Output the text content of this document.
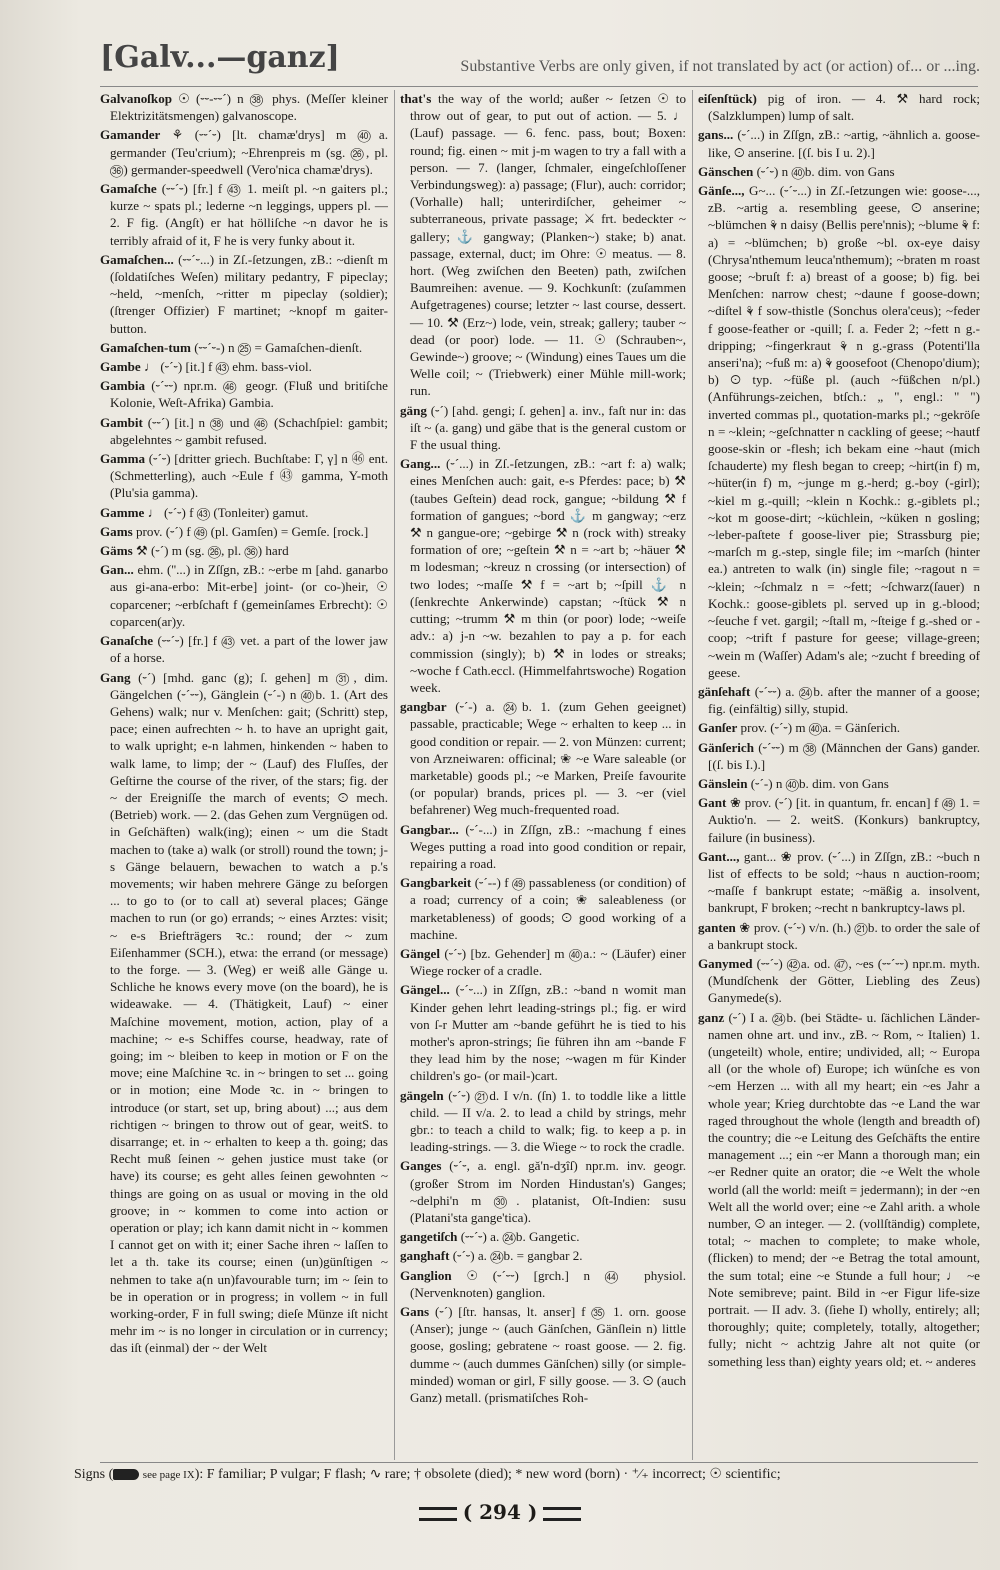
[Galv...—ganz]	Substantive Verbs are only given, if not translated by act (or action) of... or ...ing.

Galvanoſkop ☉ (⏑⏑-⏑⏑´) n ㊳ phys. (Meſſer kleiner Elektrizitätsmengen) galvanoscope.

Gamander ⚘ (⏑⏑´⏑) [lt. chamæ'drys] m ㊵a. germander (Teu'crium); ~Ehrenpreis m (sg. ㉖, pl. ㊱) germander-speedwell (Vero'nica chamæ'drys).

Gamaſche (⏑⏑´⏑) [fr.] f ㊸ 1. meiſt pl. ~n gaiters pl.; kurze ~ spats pl.; lederne ~n leggings, uppers pl. — 2. F fig. (Angſt) er hat hölliſche ~n davor he is terribly afraid of it, F he is very funky about it.

Gamaſchen... (⏑⏑´⏑...) in Zſ.-ſetzungen, zB.: ~dienſt m (ſoldatiſches Weſen) military pedantry, F pipeclay; ~held, ~menſch, ~ritter m pipeclay (soldier); (ſtrenger Offizier) F martinet; ~knopf m gaiter-button.

Gamaſchen-tum (⏑⏑´⏑-) n ㉕ = Gamaſchen-dienſt.

Gambe ♩ (⏑´⏑) [it.] f ㊸ ehm. bass-viol.

Gambia (⏑´⏑⏑) npr.m. ㊻ geogr. (Fluß und britiſche Kolonie, Weſt-Afrika) Gambia.

Gambit (⏑⏑´) [it.] n ㊳ und ㊻ (Schachſpiel: gambit; abgelehntes ~ gambit refused.

Gamma (⏑´⏑) [dritter griech. Buchſtabe: Γ, γ] n ㊻ ent. (Schmetterling), auch ~Eule f ㊸ gamma, Y-moth (Plu'sia gamma).

Gamme ♩ (⏑´⏑) f ㊸ (Tonleiter) gamut.

Gams prov. (⏑´) f ㊾ (pl. Gamſen) = Gemſe. [rock.]

Gäms ⚒ (⏑´) m (sg. ㉖, pl. ㊱) hard

Gan... ehm. (''...) in Zſſgn, zB.: ~erbe m [ahd. ganarbo aus gi-ana-erbo: Mit-erbe] joint- (or co-)heir, ☉ coparcener; ~erbſchaft f (gemeinſames Erbrecht): ☉ coparcen(ar)y.

Ganaſche (⏑⏑´⏑) [fr.] f ㊸ vet. a part of the lower jaw of a horse.

Gang (⏑´) [mhd. ganc (g); ſ. gehen] m ㉛, dim. Gängelchen (⏑´⏑⏑), Gänglein (⏑´-) n ㊵b. 1. (Art des Gehens) walk; nur v. Menſchen: gait; (Schritt) step, pace; einen aufrechten ~ h. to have an upright gait, to walk upright; e-n lahmen, hinkenden ~ haben to walk lame, to limp; der ~ (Lauf) des Fluſſes, der Geſtirne the course of the river, of the stars; fig. der ~ der Ereigniſſe the march of events; ☉ mech. (Betrieb) work. — 2. (das Gehen zum Vergnügen od. in Geſchäften) walk(ing); einen ~ um die Stadt machen to (take a) walk (or stroll) round the town; j-s Gänge belauern, bewachen to watch a p.'s movements; wir haben mehrere Gänge zu beſorgen ... to go to (or to call at) several places; Gänge machen to run (or go) errands; ~ eines Arztes: visit; ~ e-s Briefträgers ꝛc.: round; der ~ zum Eiſenhammer (SCH.), etwa: the errand (or message) to the forge. — 3. (Weg) er weiß alle Gänge u. Schliche he knows every move (on the board), he is wideawake. — 4. (Thätigkeit, Lauf) ~ einer Maſchine movement, motion, action, play of a machine; ~ e-s Schiffes course, headway, rate of going; im ~ bleiben to keep in motion or F on the move; eine Maſchine ꝛc. in ~ bringen to set ... going or in motion; eine Mode ꝛc. in ~ bringen to introduce (or start, set up, bring about) ...; aus dem richtigen ~ bringen to throw out of gear, weitS. to disarrange; et. in ~ erhalten to keep a th. going; das Recht muß ſeinen ~ gehen justice must take (or have) its course; es geht alles ſeinen gewohnten ~ things are going on as usual or moving in the old groove; in ~ kommen to come into action or operation or play; ich kann damit nicht in ~ kommen I cannot get on with it; einer Sache ihren ~ laſſen to let a th. take its course; einen (un)günſtigen ~ nehmen to take a(n un)favourable turn; im ~ ſein to be in operation or in progress; in vollem ~ in full working-order, F in full swing; dieſe Münze iſt nicht mehr im ~ is no longer in circulation or in currency; das iſt (einmal) der ~ der Welt

that's the way of the world; außer ~ ſetzen ☉ to throw out of gear, to put out of action. — 5. ♩ (Lauf) passage. — 6. fenc. pass, bout; Boxen: round; fig. einen ~ mit j-m wagen to try a fall with a person. — 7. (langer, ſchmaler, eingeſchloſſener Verbindungsweg): a) passage; (Flur), auch: corridor; (Vorhalle) hall; unterirdiſcher, geheimer ~ subterraneous, private passage; ⚔ frt. bedeckter ~ gallery; ⚓ gangway; (Planken~) stake; b) anat. passage, external, duct; im Ohre: ☉ meatus. — 8. hort. (Weg zwiſchen den Beeten) path, zwiſchen Baumreihen: avenue. — 9. Kochkunſt: (zuſammen Aufgetragenes) course; letzter ~ last course, dessert. — 10. ⚒ (Erz~) lode, vein, streak; gallery; tauber ~ dead (or poor) lode. — 11. ☉ (Schrauben~, Gewinde~) groove; ~ (Windung) eines Taues um die Welle coil; ~ (Triebwerk) einer Mühle mill-work; run.

gäng (⏑´) [ahd. gengi; ſ. gehen] a. inv., faſt nur in: das iſt ~ (a. gang) und gäbe that is the general custom or F the usual thing.

Gang... (⏑´...) in Zſ.-ſetzungen, zB.: ~art f: a) walk; eines Menſchen auch: gait, e-s Pferdes: pace; b) ⚒ (taubes Geſtein) dead rock, gangue; ~bildung ⚒ f formation of gangues; ~bord ⚓ m gangway; ~erz ⚒ n gangue-ore; ~gebirge ⚒ n (rock with) streaky formation of ore; ~geſtein ⚒ n = ~art b; ~häuer ⚒ m lodesman; ~kreuz n crossing (or intersection) of two lodes; ~maſſe ⚒ f = ~art b; ~ſpill ⚓ n (ſenkrechte Ankerwinde) capstan; ~ſtück ⚒ n cutting; ~trumm ⚒ m thin (or poor) lode; ~weiſe adv.: a) j-n ~w. bezahlen to pay a p. for each commission (singly); b) ⚒ in lodes or streaks; ~woche f Cath.eccl. (Himmelfahrtswoche) Rogation week.

gangbar (⏑´-) a. ㉔b. 1. (zum Gehen geeignet) passable, practicable; Wege ~ erhalten to keep ... in good condition or repair. — 2. von Münzen: current; von Arzneiwaren: officinal; ❀ ~e Ware saleable (or marketable) goods pl.; ~e Marken, Preiſe favourite (or popular) brands, prices pl. — 3. ~er (viel befahrener) Weg much-frequented road.

Gangbar... (⏑´-...) in Zſſgn, zB.: ~machung f eines Weges putting a road into good condition or repair, repairing a road.

Gangbarkeit (⏑´--) f ㊾ passableness (or condition) of a road; currency of a coin; ❀ saleableness (or marketableness) of goods; ☉ good working of a machine.

Gängel (⏑´⏑) [bz. Gehender] m ㊵a.: ~ (Läufer) einer Wiege rocker of a cradle.

Gängel... (⏑´⏑...) in Zſſgn, zB.: ~band n womit man Kinder gehen lehrt leading-strings pl.; fig. er wird von ſ-r Mutter am ~bande geführt he is tied to his mother's apron-strings; ſie führen ihn am ~bande F they lead him by the nose; ~wagen m für Kinder children's go- (or mail-)cart.

gängeln (⏑´⏑) ㉑d. I v/n. (ſn) 1. to toddle like a little child. — II v/a. 2. to lead a child by strings, mehr gbr.: to teach a child to walk; fig. to keep a p. in leading-strings. — 3. die Wiege ~ to rock the cradle.

Ganges (⏑´⏑, a. engl. gǎ'n-dʒîſ) npr.m. inv. geogr. (großer Strom im Norden Hindustan's) Ganges; ~delphi'n m ㉚. platanist, Oſt-Indien: susu (Platani'sta gange'tica).

gangetiſch (⏑⏑´⏑) a. ㉔b. Gangetic.

ganghaft (⏑´⏑) a. ㉔b. = gangbar 2.

Ganglion ☉ (⏑´⏑⏑) [grch.] n ㊹ physiol. (Nervenknoten) ganglion.

Gans (⏑´) [ſtr. hansas, lt. anser] f ㉟ 1. orn. goose (Anser); junge ~ (auch Gänſchen, Gänſlein n) little goose, gosling; gebratene ~ roast goose. — 2. fig. dumme ~ (auch dummes Gänſchen) silly (or simple-minded) woman or girl, F silly goose. — 3. ☉ (auch Ganz) metall. (prismatiſches Roh-

eiſenſtück) pig of iron. — 4. ⚒ hard rock; (Salzklumpen) lump of salt.

gans... (⏑´...) in Zſſgn, zB.: ~artig, ~ähnlich a. goose-like, ☉ anserine. [(ſ. bis I u. 2).]

Gänschen (⏑´⏑) n ㊵b. dim. von Gans

Gänſe..., G~... (⏑´⏑...) in Zſ.-ſetzungen wie: goose-..., zB. ~artig a. resembling geese, ☉ anserine; ~blümchen ⚘ n daisy (Bellis pere'nnis); ~blume ⚘ f: a) = ~blümchen; b) große ~bl. ox-eye daisy (Chrysa'nthemum leuca'nthemum); ~braten m roast goose; ~bruſt f: a) breast of a goose; b) fig. bei Menſchen: narrow chest; ~daune f goose-down; ~diſtel ⚘ f sow-thistle (Sonchus olera'ceus); ~feder f goose-feather or -quill; ſ. a. Feder 2; ~fett n g.-dripping; ~fingerkraut ⚘ n g.-grass (Potenti'lla anseri'na); ~fuß m: a) ⚘ goosefoot (Chenopo'dium); b) ☉ typ. ~füße pl. (auch ~füßchen n/pl.) (Anführungs-zeichen, btſch.: „ ", engl.: " ") inverted commas pl., quotation-marks pl.; ~gekröſe n = ~klein; ~geſchnatter n cackling of geese; ~hautf goose-skin or -flesh; ich bekam eine ~haut (mich ſchauderte) my flesh began to creep; ~hirt(in f) m, ~hüter(in f) m, ~junge m g.-herd; g.-boy (-girl); ~kiel m g.-quill; ~klein n Kochk.: g.-giblets pl.; ~kot m goose-dirt; ~küchlein, ~küken n gosling; ~leber-paſtete f goose-liver pie; Strassburg pie; ~marſch m g.-step, single file; im ~marſch (hinter ea.) antreten to walk (in) single file; ~ragout n = ~klein; ~ſchmalz n = ~fett; ~ſchwarz(ſauer) n Kochk.: goose-giblets pl. served up in g.-blood; ~ſeuche f vet. gargil; ~ſtall m, ~ſteige f g.-shed or -coop; ~trift f pasture for geese; village-green; ~wein m (Waſſer) Adam's ale; ~zucht f breeding of geese.

gänſehaft (⏑´⏑⏑) a. ㉔b. after the manner of a goose; fig. (einfältig) silly, stupid.

Ganſer prov. (⏑´⏑) m ㊵a. = Gänſerich.

Gänſerich (⏑´⏑⏑) m ㊳ (Männchen der Gans) gander. [(ſ. bis I.).]

Gänslein (⏑´-) n ㊵b. dim. von Gans

Gant ❀ prov. (⏑´) [it. in quantum, fr. encan] f ㊾ 1. = Auktio'n. — 2. weitS. (Konkurs) bankruptcy, failure (in business).

Gant..., gant... ❀ prov. (⏑´...) in Zſſgn, zB.: ~buch n list of effects to be sold; ~haus n auction-room; ~maſſe f bankrupt estate; ~mäßig a. insolvent, bankrupt, F broken; ~recht n bankruptcy-laws pl.

ganten ❀ prov. (⏑´⏑) v/n. (h.) ㉑b. to order the sale of a bankrupt stock.

Ganymed (⏑⏑´⏑) ㊷a. od. ㊼, ~es (⏑⏑´⏑⏑) npr.m. myth. (Mundſchenk der Götter, Liebling des Zeus) Ganymede(s).

ganz (⏑´) I a. ㉔b. (bei Städte- u. ſächlichen Länder-namen ohne art. und inv., zB. ~ Rom, ~ Italien) 1. (ungeteilt) whole, entire; undivided, all; ~ Europa all (or the whole of) Europe; ich wünſche es von ~em Herzen ... with all my heart; ein ~es Jahr a whole year; Krieg durchtobte das ~e Land the war raged throughout the whole (length and breadth of) the country; die ~e Leitung des Geſchäfts the entire management ...; ein ~er Mann a thorough man; ein ~er Redner quite an orator; die ~e Welt the whole world (all the world: meiſt = jedermann); in der ~en Welt all the world over; eine ~e Zahl arith. a whole number, ☉ an integer. — 2. (vollſtändig) complete, total; ~ machen to complete; to make whole, (flicken) to mend; der ~e Betrag the total amount, the sum total; eine ~e Stunde a full hour; ♩ ~e Note semibreve; paint. Bild in ~er Figur life-size portrait. — II adv. 3. (ſiehe I) wholly, entirely; all; thoroughly; quite; completely, totally, altogether; fully; nicht ~ achtzig Jahre alt not quite (or something less than) eighty years old; et. ~ anderes

Signs (	see page IX): F familiar; P vulgar; F flash; ∿ rare; † obsolete (died); * new word (born) · ⁺⁄₊ incorrect; ☉ scientific;
( 294 )
